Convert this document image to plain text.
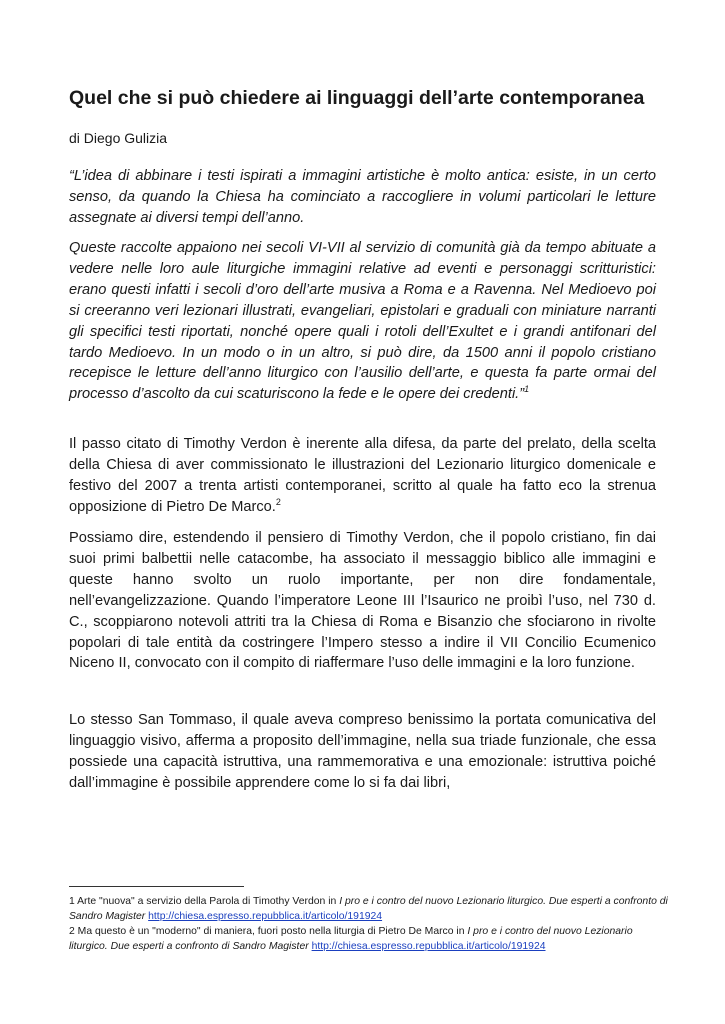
Quel che si può chiedere ai linguaggi dell’arte contemporanea

di Diego Gulizia

“L’idea di abbinare i testi ispirati a immagini artistiche è molto antica: esiste, in un certo senso, da quando la Chiesa ha cominciato a raccogliere in volumi particolari le letture assegnate ai diversi tempi dell’anno.

Queste raccolte appaiono nei secoli VI-VII al servizio di comunità già da tempo abituate a vedere nelle loro aule liturgiche immagini relative ad eventi e personaggi scritturistici: erano questi infatti i secoli d’oro dell’arte musiva a Roma e a Ravenna. Nel Medioevo poi si creeranno veri lezionari illustrati, evangeliari, epistolari e graduali con miniature narranti gli specifici testi riportati, nonché opere quali i rotoli dell’Exultet e i grandi antifonari del tardo Medioevo. In un modo o in un altro, si può dire, da 1500 anni il popolo cristiano recepisce le letture dell’anno liturgico con l’ausilio dell’arte, e questa fa parte ormai del processo d’ascolto da cui scaturiscono la fede e le opere dei credenti.”$^1$

Il passo citato di Timothy Verdon è inerente alla difesa, da parte del prelato, della scelta della Chiesa di aver commissionato le illustrazioni del Lezionario liturgico domenicale e festivo del 2007 a trenta artisti contemporanei, scritto al quale ha fatto eco la strenua opposizione di Pietro De Marco.$^2$

Possiamo dire, estendendo il pensiero di Timothy Verdon, che il popolo cristiano, fin dai suoi primi balbettii nelle catacombe, ha associato il messaggio biblico alle immagini e queste hanno svolto un ruolo importante, per non dire fondamentale, nell’evangelizzazione. Quando l’imperatore Leone III l’Isaurico ne proibì l’uso, nel 730 d. C., scoppiarono notevoli attriti tra la Chiesa di Roma e Bisanzio che sfociarono in rivolte popolari di tale entità da costringere l’Impero stesso a indire il VII Concilio Ecumenico Niceno II, convocato con il compito di riaffermare l’uso delle immagini e la loro funzione.

Lo stesso San Tommaso, il quale aveva compreso benissimo la portata comunicativa del linguaggio visivo, afferma a proposito dell’immagine, nella sua triade funzionale, che essa possiede una capacità istruttiva, una rammemorativa e una emozionale: istruttiva poiché dall’immagine è possibile apprendere come lo si fa dai libri,

1 Arte "nuova" a servizio della Parola di Timothy Verdon in I pro e i contro del nuovo Lezionario liturgico. Due esperti a confronto di Sandro Magister http://chiesa.espresso.repubblica.it/articolo/191924

2 Ma questo è un "moderno" di maniera, fuori posto nella liturgia di Pietro De Marco in I pro e i contro del nuovo Lezionario liturgico. Due esperti a confronto di Sandro Magister http://chiesa.espresso.repubblica.it/articolo/191924
